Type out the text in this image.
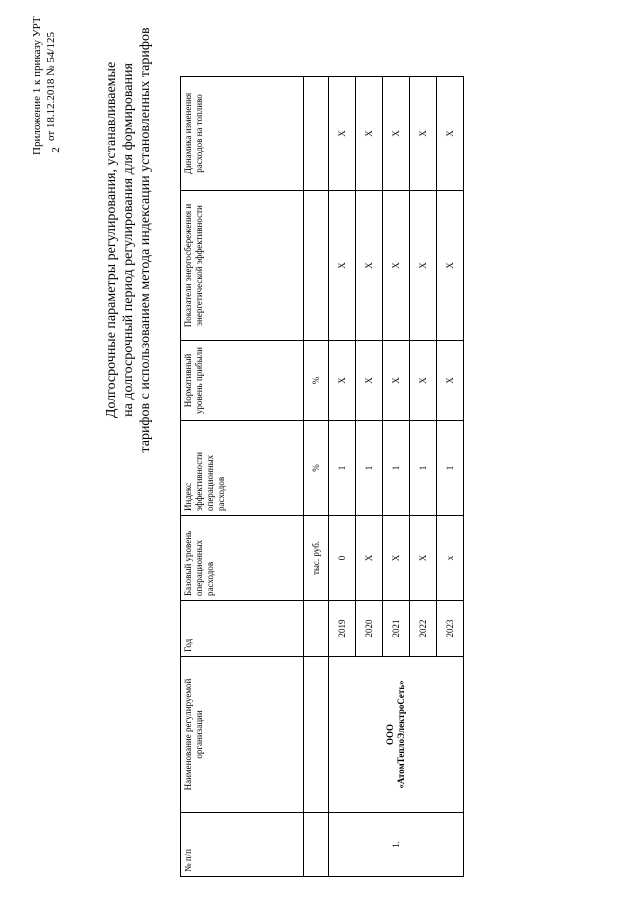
2
Приложение 1 к приказу УРТ от 18.12.2018 № 54/125	Долгосрочные параметры регулирования, устанавливаемые на долгосрочный период регулирования для формирования тарифов с использованием метода индексации установленных тарифов
№ п/п	Наименование регулируемой организации	Год	Базовый уровень операционных расходов	Индекс эффективности операционных расходов	Нормативный уровень прибыли	Показатели энергосбережения и энергетической эффективности	Динамика изменения расходов на топливо
			тыс. руб.	%	%		
1.	ООО «АтомТеплоЭлектроСеть»	2019	0	1	X	X	X
		2020	X	1	X	X	X
		2021	X	1	X	X	X
		2022	X	1	X	X	X
		2023	x	1	X	X	X
